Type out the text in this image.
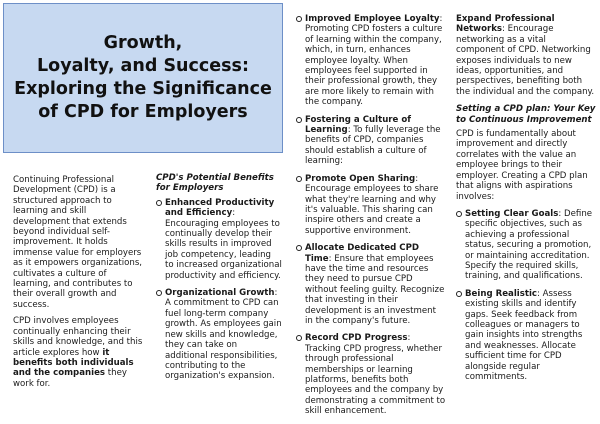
Growth,
Loyalty, and Success:
Exploring the Significance
of CPD for Employers

Continuing Professional Development (CPD) is a structured approach to learning and skill development that extends beyond individual self-improvement. It holds immense value for employers as it empowers organizations, cultivates a culture of learning, and contributes to their overall growth and success.

CPD involves employees continually enhancing their skills and knowledge, and this article explores how it benefits both individuals and the companies they work for.

CPD's Potential Benefits for Employers
Enhanced Productivity and Efficiency: Encouraging employees to continually develop their skills results in improved job competency, leading to increased organizational productivity and efficiency.
Organizational Growth: A commitment to CPD can fuel long-term company growth. As employees gain new skills and knowledge, they can take on additional responsibilities, contributing to the organization's expansion.
Improved Employee Loyalty: Promoting CPD fosters a culture of learning within the company, which, in turn, enhances employee loyalty. When employees feel supported in their professional growth, they are more likely to remain with the company.
Fostering a Culture of Learning: To fully leverage the benefits of CPD, companies should establish a culture of learning:
Promote Open Sharing: Encourage employees to share what they're learning and why it's valuable. This sharing can inspire others and create a supportive environment.
Allocate Dedicated CPD Time: Ensure that employees have the time and resources they need to pursue CPD without feeling guilty. Recognize that investing in their development is an investment in the company's future.
Record CPD Progress: Tracking CPD progress, whether through professional memberships or learning platforms, benefits both employees and the company by demonstrating a commitment to skill enhancement.
Expand Professional Networks: Encourage networking as a vital component of CPD. Networking exposes individuals to new ideas, opportunities, and perspectives, benefiting both the individual and the company.
Setting a CPD plan: Your Key to Continuous Improvement
CPD is fundamentally about improvement and directly correlates with the value an employee brings to their employer. Creating a CPD plan that aligns with aspirations involves:
Setting Clear Goals: Define specific objectives, such as achieving a professional status, securing a promotion, or maintaining accreditation. Specify the required skills, training, and qualifications.
Being Realistic: Assess existing skills and identify gaps. Seek feedback from colleagues or managers to gain insights into strengths and weaknesses. Allocate sufficient time for CPD alongside regular commitments.
